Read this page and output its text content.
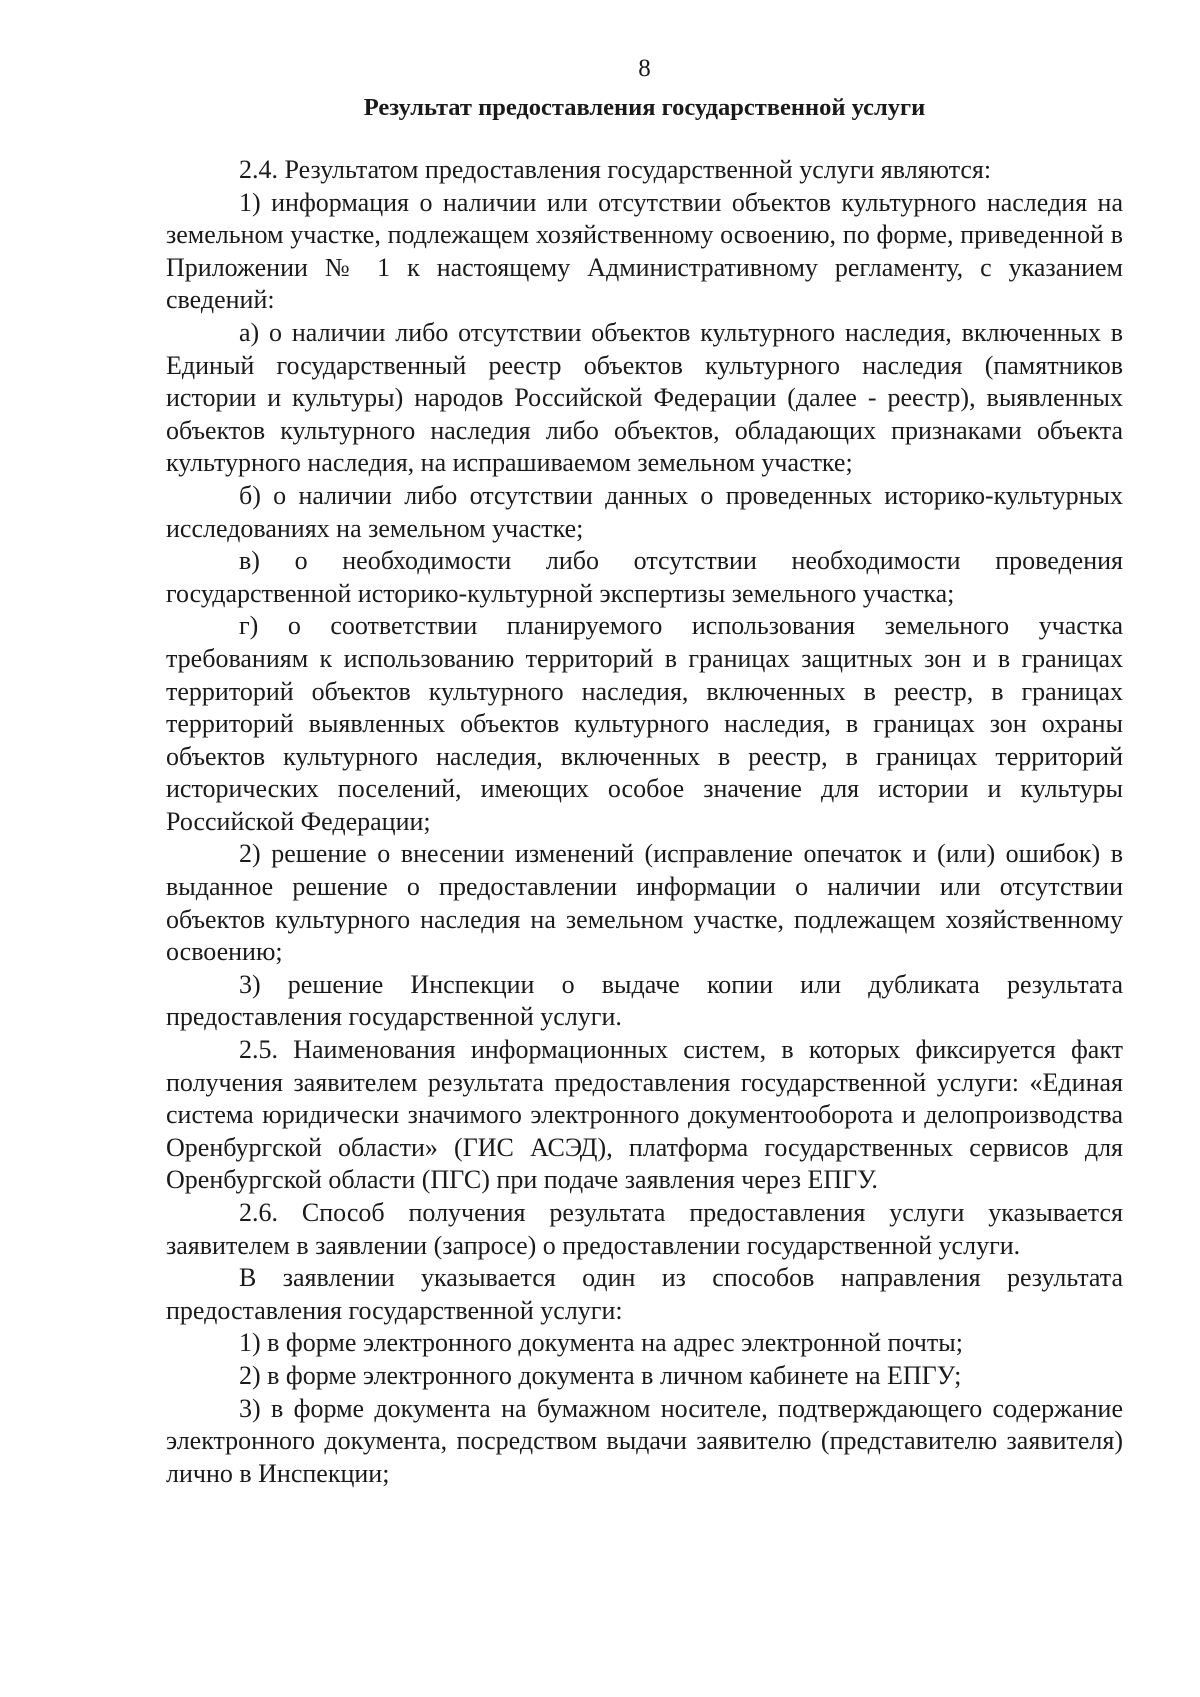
8
Результат предоставления государственной услуги

2.4. Результатом предоставления государственной услуги являются:

1) информация о наличии или отсутствии объектов культурного наследия на земельном участке, подлежащем хозяйственному освоению, по форме, приведенной в Приложении № 1 к настоящему Административному регламенту, с указанием сведений:

а) о наличии либо отсутствии объектов культурного наследия, включенных в Единый государственный реестр объектов культурного наследия (памятников истории и культуры) народов Российской Федерации (далее - реестр), выявленных объектов культурного наследия либо объектов, обладающих признаками объекта культурного наследия, на испрашиваемом земельном участке;

б) о наличии либо отсутствии данных о проведенных историко-культурных исследованиях на земельном участке;

в) о необходимости либо отсутствии необходимости проведения государственной историко-культурной экспертизы земельного участка;

г) о соответствии планируемого использования земельного участка требованиям к использованию территорий в границах защитных зон и в границах территорий объектов культурного наследия, включенных в реестр, в границах территорий выявленных объектов культурного наследия, в границах зон охраны объектов культурного наследия, включенных в реестр, в границах территорий исторических поселений, имеющих особое значение для истории и культуры Российской Федерации;

2) решение о внесении изменений (исправление опечаток и (или) ошибок) в выданное решение о предоставлении информации о наличии или отсутствии объектов культурного наследия на земельном участке, подлежащем хозяйственному освоению;

3) решение Инспекции о выдаче копии или дубликата результата предоставления государственной услуги.

2.5. Наименования информационных систем, в которых фиксируется факт получения заявителем результата предоставления государственной услуги: «Единая система юридически значимого электронного документооборота и делопроизводства Оренбургской области» (ГИС АСЭД), платформа государственных сервисов для Оренбургской области (ПГС) при подаче заявления через ЕПГУ.

2.6. Способ получения результата предоставления услуги указывается заявителем в заявлении (запросе) о предоставлении государственной услуги.

В заявлении указывается один из способов направления результата предоставления государственной услуги:

1) в форме электронного документа на адрес электронной почты;

2) в форме электронного документа в личном кабинете на ЕПГУ;

3) в форме документа на бумажном носителе, подтверждающего содержание электронного документа, посредством выдачи заявителю (представителю заявителя) лично в Инспекции;
